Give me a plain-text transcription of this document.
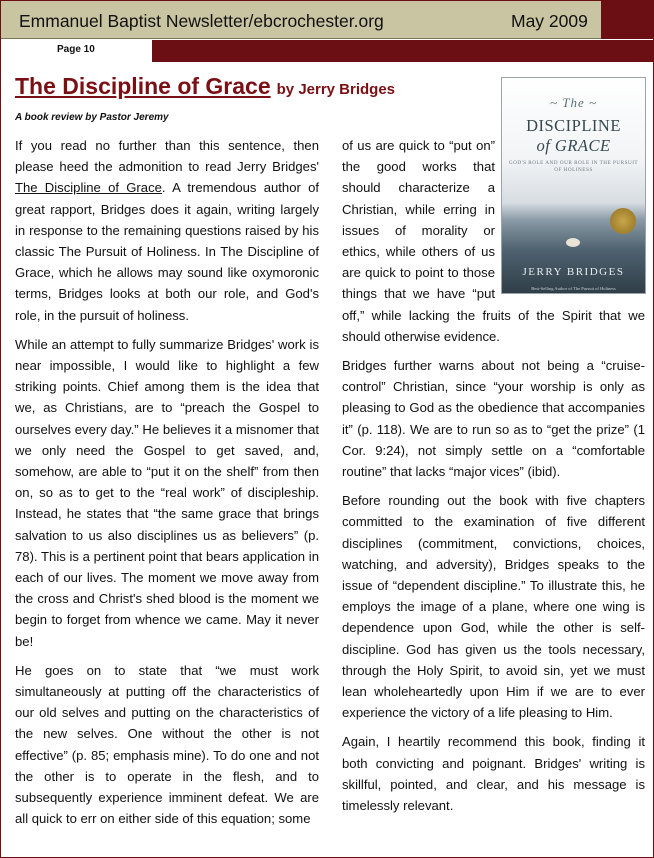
Emmanuel Baptist Newsletter/ebcrochester.org	May 2009
Page 10
The Discipline of Grace by Jerry Bridges
A book review by Pastor Jeremy

If you read no further than this sentence, then please heed the admonition to read Jerry Bridges' The Discipline of Grace. A tremendous author of great rapport, Bridges does it again, writing largely in response to the remaining questions raised by his classic The Pursuit of Holiness. In The Discipline of Grace, which he allows may sound like oxymoronic terms, Bridges looks at both our role, and God's role, in the pursuit of holiness.

While an attempt to fully summarize Bridges' work is near impossible, I would like to highlight a few striking points. Chief among them is the idea that we, as Christians, are to “preach the Gospel to ourselves every day.” He believes it a misnomer that we only need the Gospel to get saved, and, somehow, are able to “put it on the shelf” from then on, so as to get to the “real work” of discipleship. Instead, he states that “the same grace that brings salvation to us also disciplines us as believers” (p. 78). This is a pertinent point that bears application in each of our lives. The moment we move away from the cross and Christ's shed blood is the moment we begin to forget from whence we came. May it never be!

He goes on to state that “we must work simultaneously at putting off the characteristics of our old selves and putting on the characteristics of the new selves. One without the other is not effective” (p. 85; emphasis mine). To do one and not the other is to operate in the flesh, and to subsequently experience imminent defeat. We are all quick to err on either side of this equation; some

~ The ~
DISCIPLINE
of GRACE
GOD'S ROLE AND OUR ROLE IN THE PURSUIT OF HOLINESS
JERRY BRIDGES
Best-Selling Author of The Pursuit of Holiness

of us are quick to “put on” the good works that should characterize a Christian, while erring in issues of morality or ethics, while others of us are quick to point to those things that we have “put off,” while lacking the fruits of the Spirit that we should otherwise evidence.

Bridges further warns about not being a “cruise-control” Christian, since “your worship is only as pleasing to God as the obedience that accompanies it” (p. 118). We are to run so as to “get the prize” (1 Cor. 9:24), not simply settle on a “comfortable routine” that lacks “major vices” (ibid).

Before rounding out the book with five chapters committed to the examination of five different disciplines (commitment, convictions, choices, watching, and adversity), Bridges speaks to the issue of “dependent discipline.” To illustrate this, he employs the image of a plane, where one wing is dependence upon God, while the other is self-discipline. God has given us the tools necessary, through the Holy Spirit, to avoid sin, yet we must lean wholeheartedly upon Him if we are to ever experience the victory of a life pleasing to Him.

Again, I heartily recommend this book, finding it both convicting and poignant. Bridges' writing is skillful, pointed, and clear, and his message is timelessly relevant.
